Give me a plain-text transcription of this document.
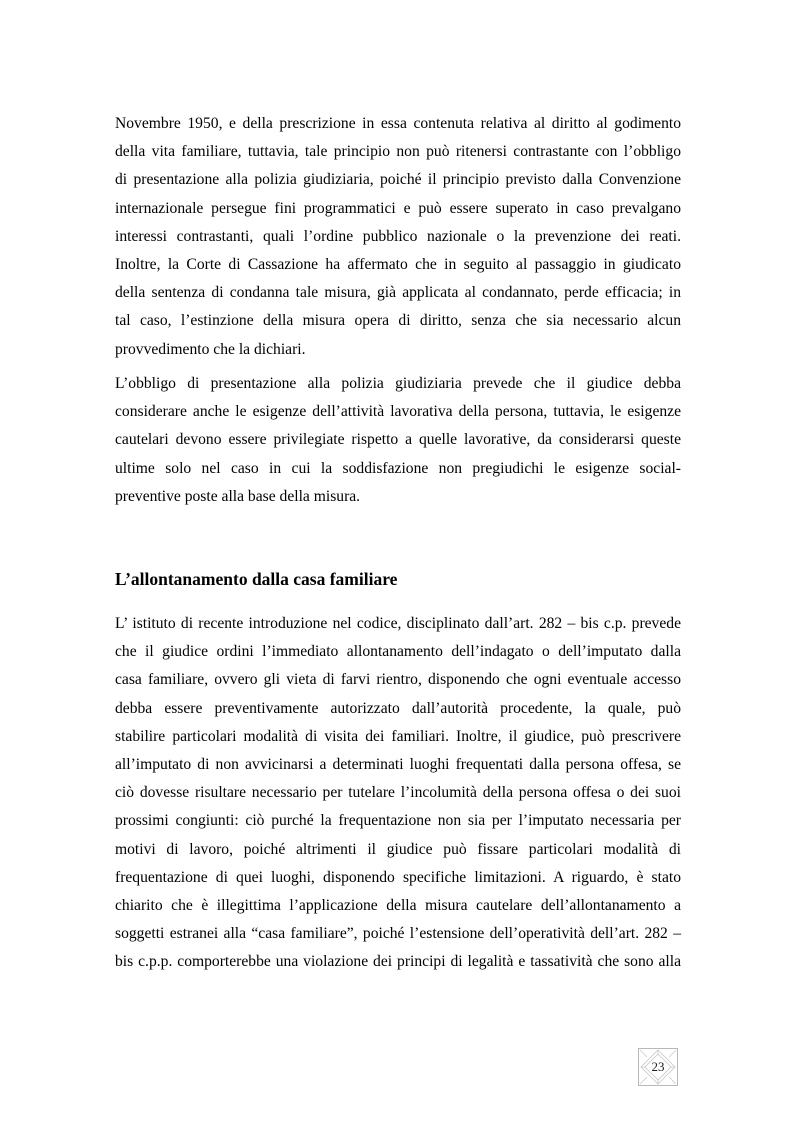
Novembre 1950, e della prescrizione in essa contenuta relativa al diritto al godimento
della vita familiare, tuttavia, tale principio non può ritenersi contrastante con l’obbligo
di presentazione alla polizia giudiziaria, poiché il principio previsto dalla Convenzione
internazionale persegue fini programmatici e può essere superato in caso prevalgano
interessi contrastanti, quali l’ordine pubblico nazionale o la prevenzione dei reati.
Inoltre, la Corte di Cassazione ha affermato che in seguito al passaggio in giudicato
della sentenza di condanna tale misura, già applicata al condannato, perde efficacia; in
tal caso, l’estinzione della misura opera di diritto, senza che sia necessario alcun
provvedimento che la dichiari.
L’obbligo di presentazione alla polizia giudiziaria prevede che il giudice debba
considerare anche le esigenze dell’attività lavorativa della persona, tuttavia, le esigenze
cautelari devono essere privilegiate rispetto a quelle lavorative, da considerarsi queste
ultime solo nel caso in cui la soddisfazione non pregiudichi le esigenze social-
preventive poste alla base della misura.
L’allontanamento dalla casa familiare
L’ istituto di recente introduzione nel codice, disciplinato dall’art. 282 – bis c.p. prevede
che il giudice ordini l’immediato allontanamento dell’indagato o dell’imputato dalla
casa familiare, ovvero gli vieta di farvi rientro, disponendo che ogni eventuale accesso
debba essere preventivamente autorizzato dall’autorità procedente, la quale, può
stabilire particolari modalità di visita dei familiari. Inoltre, il giudice, può prescrivere
all’imputato di non avvicinarsi a determinati luoghi frequentati dalla persona offesa, se
ciò dovesse risultare necessario per tutelare l’incolumità della persona offesa o dei suoi
prossimi congiunti: ciò purché la frequentazione non sia per l’imputato necessaria per
motivi di lavoro, poiché altrimenti il giudice può fissare particolari modalità di
frequentazione di quei luoghi, disponendo specifiche limitazioni. A riguardo, è stato
chiarito che è illegittima l’applicazione della misura cautelare dell’allontanamento a
soggetti estranei alla “casa familiare”, poiché l’estensione dell’operatività dell’art. 282 –
bis c.p.p. comporterebbe una violazione dei principi di legalità e tassatività che sono alla
23
